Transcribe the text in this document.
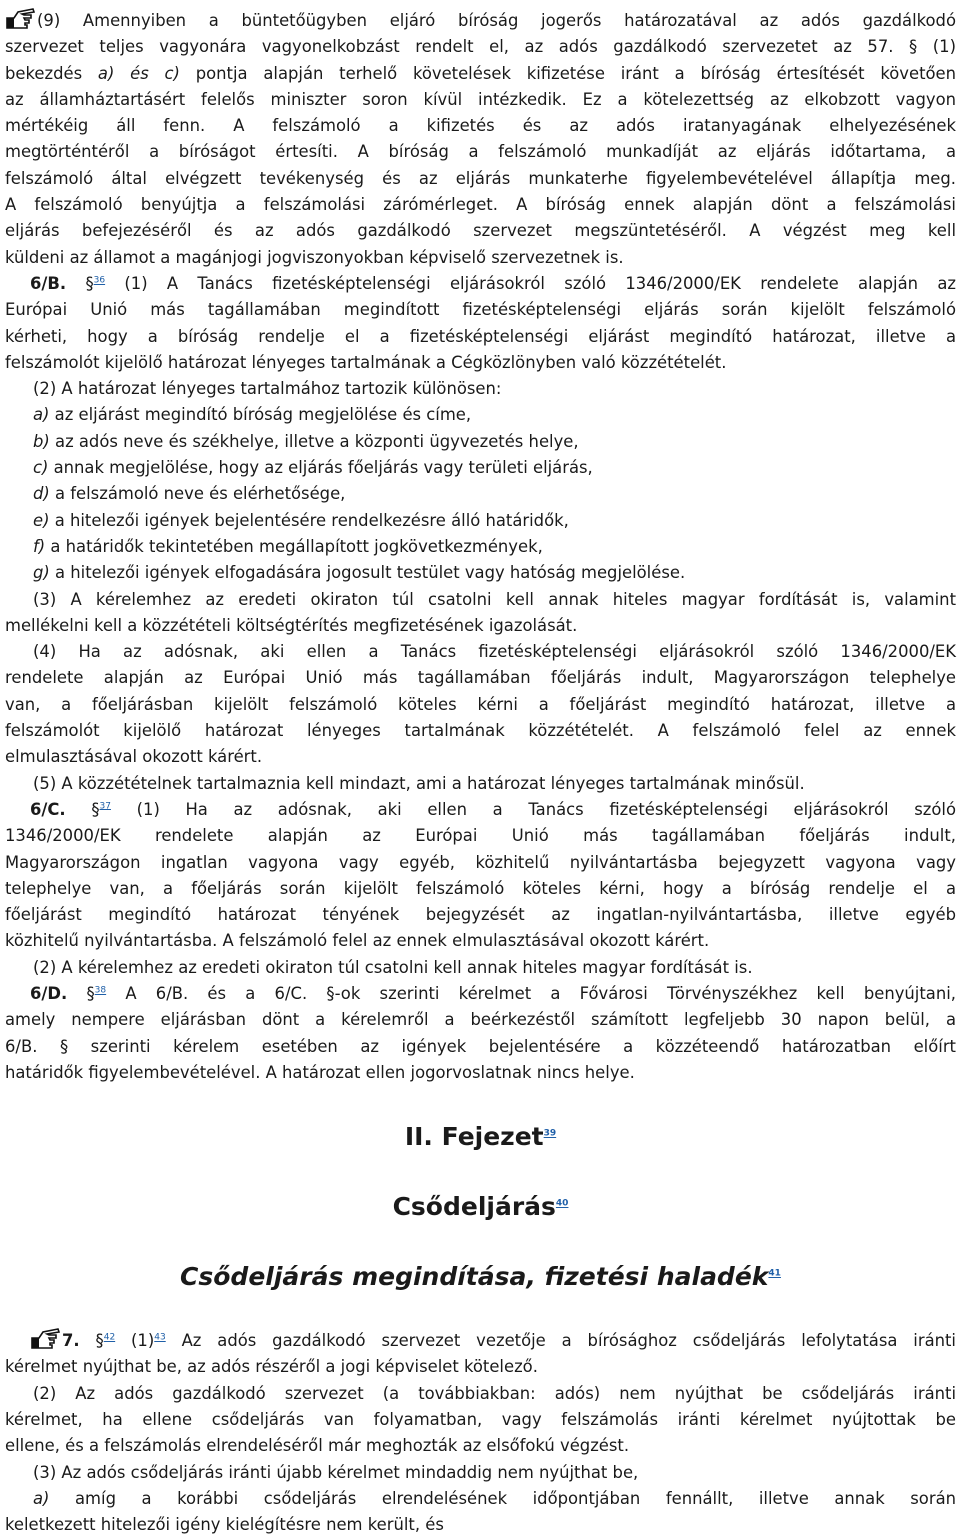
(9) Amennyiben a büntetőügyben eljáró bíróság jogerős határozatával az adós gazdálkodó
szervezet teljes vagyonára vagyonelkobzást rendelt el, az adós gazdálkodó szervezetet az 57. § (1)
bekezdés a) és c) pontja alapján terhelő követelések kifizetése iránt a bíróság értesítését követően
az államháztartásért felelős miniszter soron kívül intézkedik. Ez a kötelezettség az elkobzott vagyon
mértékéig áll fenn. A felszámoló a kifizetés és az adós iratanyagának elhelyezésének
megtörténtéről a bíróságot értesíti. A bíróság a felszámoló munkadíját az eljárás időtartama, a
felszámoló által elvégzett tevékenység és az eljárás munkaterhe figyelembevételével állapítja meg.
A felszámoló benyújtja a felszámolási zárómérleget. A bíróság ennek alapján dönt a felszámolási
eljárás befejezéséről és az adós gazdálkodó szervezet megszüntetéséről. A végzést meg kell
küldeni az államot a magánjogi jogviszonyokban képviselő szervezetnek is.

6/B. §$^{36}$ (1) A Tanács fizetésképtelenségi eljárásokról szóló 1346/2000/EK rendelete alapján az
Európai Unió más tagállamában megindított fizetésképtelenségi eljárás során kijelölt felszámoló
kérheti, hogy a bíróság rendelje el a fizetésképtelenségi eljárást megindító határozat, illetve a
felszámolót kijelölő határozat lényeges tartalmának a Cégközlönyben való közzétételét.
(2) A határozat lényeges tartalmához tartozik különösen:
a) az eljárást megindító bíróság megjelölése és címe,
b) az adós neve és székhelye, illetve a központi ügyvezetés helye,
c) annak megjelölése, hogy az eljárás főeljárás vagy területi eljárás,
d) a felszámoló neve és elérhetősége,
e) a hitelezői igények bejelentésére rendelkezésre álló határidők,
f) a határidők tekintetében megállapított jogkövetkezmények,
g) a hitelezői igények elfogadására jogosult testület vagy hatóság megjelölése.
(3) A kérelemhez az eredeti okiraton túl csatolni kell annak hiteles magyar fordítását is, valamint
mellékelni kell a közzétételi költségtérítés megfizetésének igazolását.
(4) Ha az adósnak, aki ellen a Tanács fizetésképtelenségi eljárásokról szóló 1346/2000/EK
rendelete alapján az Európai Unió más tagállamában főeljárás indult, Magyarországon telephelye
van, a főeljárásban kijelölt felszámoló köteles kérni a főeljárást megindító határozat, illetve a
felszámolót kijelölő határozat lényeges tartalmának közzétételét. A felszámoló felel az ennek
elmulasztásával okozott kárért.
(5) A közzétételnek tartalmaznia kell mindazt, ami a határozat lényeges tartalmának minősül.

6/C. §$^{37}$ (1) Ha az adósnak, aki ellen a Tanács fizetésképtelenségi eljárásokról szóló
1346/2000/EK rendelete alapján az Európai Unió más tagállamában főeljárás indult,
Magyarországon ingatlan vagyona vagy egyéb, közhitelű nyilvántartásba bejegyzett vagyona vagy
telephelye van, a főeljárás során kijelölt felszámoló köteles kérni, hogy a bíróság rendelje el a
főeljárást megindító határozat tényének bejegyzését az ingatlan-nyilvántartásba, illetve egyéb
közhitelű nyilvántartásba. A felszámoló felel az ennek elmulasztásával okozott kárért.
(2) A kérelemhez az eredeti okiraton túl csatolni kell annak hiteles magyar fordítását is.

6/D. §$^{38}$ A 6/B. és a 6/C. §-ok szerinti kérelmet a Fővárosi Törvényszékhez kell benyújtani,
amely nempere eljárásban dönt a kérelemről a beérkezéstől számított legfeljebb 30 napon belül, a
6/B. § szerinti kérelem esetében az igények bejelentésére a közzéteendő határozatban előírt
határidők figyelembevételével. A határozat ellen jogorvoslatnak nincs helye.

II. Fejezet$^{39}$
Csődeljárás$^{40}$
Csődeljárás megindítása, fizetési haladék$^{41}$

7. §$^{42}$ $(1)^{43}$ Az adós gazdálkodó szervezet vezetője a bírósághoz csődeljárás lefolytatása iránti
kérelmet nyújthat be, az adós részéről a jogi képviselet kötelező.
(2) Az adós gazdálkodó szervezet (a továbbiakban: adós) nem nyújthat be csődeljárás iránti
kérelmet, ha ellene csődeljárás van folyamatban, vagy felszámolás iránti kérelmet nyújtottak be
ellene, és a felszámolás elrendeléséről már meghozták az elsőfokú végzést.
(3) Az adós csődeljárás iránti újabb kérelmet mindaddig nem nyújthat be,
a) amíg a korábbi csődeljárás elrendelésének időpontjában fennállt, illetve annak során
keletkezett hitelezői igény kielégítésre nem került, és
